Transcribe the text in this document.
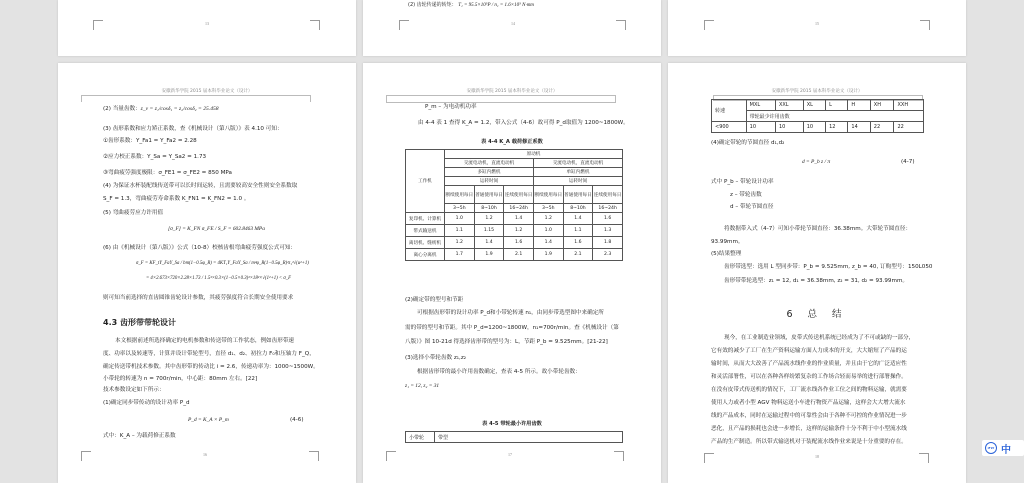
13
(2) 齿轮传递的转矩： T₁ = 95.5×10⁵P / n₁ = 1.6×10⁵ N·mm
14	15
安徽新华学院 2015 届本科毕业论文（设计）
(2) 当量齿数：z_v = z₁/cosδ₁ = z₂/cosδ₂ = 25.458
(3) 齿形系数和应力矫正系数，查《机械设计（第八版）》表 4.10 可知：
①齿形系数：Y_Fa1 = Y_Fa2 = 2.28
②应力校正系数：Y_Sa = Y_Sa2 = 1.73
③弯曲疲劳强度极限：σ_FE1 = σ_FE2 = 850 MPa
(4) 为保证水杯装配线传送带可以长时间运转，且需要较高安全性则安全系数取
S_F = 1.3，弯曲疲劳寿命系数 K_FN1 = K_FN2 = 1.0 。
(5) 弯曲疲劳应力许用值
[σ_F] = K_FN σ_FE / S_F = 602.8463 MPa
(6) 由《机械设计（第八版）》公式（10-8）校核齿根弯曲疲劳强度公式可知：
σ_F = KF_tY_FaY_Sa / bm(1−0.5φ_R) = 4KT₁Y_FaY_Sa / m³φ_R(1−0.5φ_R)²z₁²√(u²+1)
= 4×2.673×720×2.28×1.73 / 1.5³×0.3×(1−0.5×0.3)²×18²×√(1²+1) < σ_F
则可知当前选择的直齿圆锥齿轮设计参数，其疲劳强度符合长期安全使用要求
4.3 齿形带带轮设计
本文根据前述所选择确定的电机参数和传送带的工作状态，例如齿形带速
度、功率以及转速等，计算并设计带轮型号，直径 d₁、d₂、初拉力 F₀和压轴力 F_Q，
确定传送带机技术参数。其中齿形带的传动比 i = 2.6，传递功率为：1000~1500W。
小带轮的转速为 n = 700r/min，中心距：80mm 左右。[22]
技术参数设定如下所示：
(1)确定同步带传动的设计功率 P_d
P_d = K_A × P_m	(4-6)
式中：K_A – 为载荷修正系数
16
安徽新华学院 2015 届本科毕业论文（设计）
P_m – 为电动机功率
由 4-4 表 1 查得 K_A = 1.2，带入公式（4-6）故可得 P_d取值为 1200~1800W。
表 4-4 K_A 载荷修正系数
工作机	原动机					
	交流电动机，直流电动机			交流电动机，直流电动机		
	多缸内燃机			单缸内燃机		
	运转时间			运转时间		
	断续使用每日	普通使用每日	连续使用每日	断续使用每日	普通使用每日	连续使用每日
	3~5h	8~10h	16~24h	3~5h	8~10h	16~24h
复印机、计算机	1.0	1.2	1.4	1.2	1.4	1.6
带式输送机	1.1	1.15	1.2	1.0	1.1	1.3
离切机、缝纫机	1.2	1.4	1.6	1.4	1.6	1.8
离心分离机	1.7	1.9	2.1	1.9	2.1	2.3
(2)确定带的型号和节距
可根据齿形带的设计功率 P_d和小带轮转速 n₁，由同步带选型图中来确定所
需的带的型号和节距。其中 P_d=1200~1800W，n₁=700r/min。查《机械设计（第
八版）》图 10-21d 得选择齿形带的型号为：L，节距 P_b = 9.525mm。[21-22]
(3)选择小带轮齿数 z₁,z₂
根据齿形带的最小许用齿数确定，查表 4-5 所示。故小带轮齿数：
z₁ = 12, z₂ = 31
表 4-5 带轮最小许用齿数
小带轮	带型
17
安徽新华学院 2015 届本科毕业论文（设计）
转速	MXL	XXL	XL	L	H	XH	XXH
	带轮最少许用齿数						
<900	10	10	10	12	14	22	22
(4)确定带轮的节圆直径 d₁,d₂
d = P_b z / π	(4-7)
式中 P_b – 带轮设计功率
z – 带轮齿数
d – 带轮节圆直径
将数据带入式（4-7）可知小带轮节圆直径：36.38mm。大带轮节圆直径：
93.99mm。
(5)结果整理
齿形带选型：选用 L 型同步带：P_b = 9.525mm, z_b = 40, 订购型号：150L050
齿形带带轮选型：z₁ = 12, d₁ = 36.38mm, z₂ = 31, d₂ = 93.99mm。
6 总 结
现今，在工业制造业领域，皮带式传送机系统已经成为了不可或缺的一部分，
它有效的减少了工厂在生产资料运输方面人力成本的开支，大大缩短了产品的运
输时间，从而大大改善了产品流水线作业的作业质量，并且由于它的广泛适应性
和灵活部署性，可以在各种各样纷繁复杂的工作场合轻而易举的进行部署操作。
在没有皮带式传送机的情况下，工厂流水线各作业工位之间的物料运输，就需要
使用人力或者小型 AGV 物料运送小车进行物资产品运输，这样会大大增大流水
线的产品成本，同时在运输过程中的可靠性会由于各种不可控的作业情况进一步
恶化，且产品的损耗也会进一步增长，这样的运输条件十分不利于中小型流水线
产品的生产制造。所以带式输送机对于装配流水线作业来说是十分重要的存在。
18
iFLY 中
